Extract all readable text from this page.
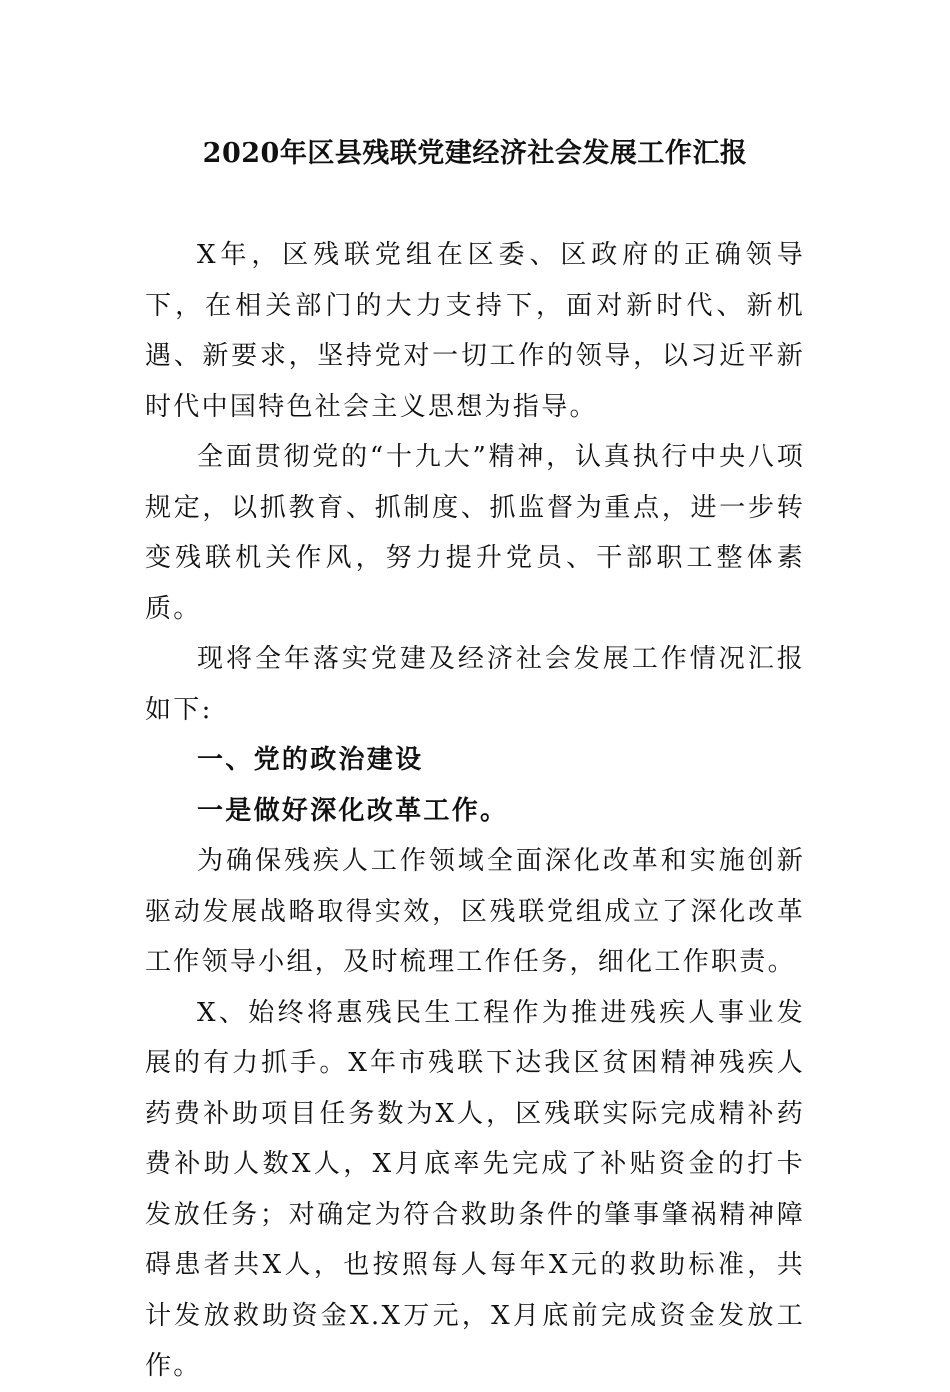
2020年区县残联党建经济社会发展工作汇报

X年，区残联党组在区委、区政府的正确领导下，在相关部门的大力支持下，面对新时代、新机遇、新要求，坚持党对一切工作的领导，以习近平新时代中国特色社会主义思想为指导。

全面贯彻党的“十九大”精神，认真执行中央八项规定，以抓教育、抓制度、抓监督为重点，进一步转变残联机关作风，努力提升党员、干部职工整体素质。

现将全年落实党建及经济社会发展工作情况汇报如下:

一、党的政治建设

一是做好深化改革工作。

为确保残疾人工作领域全面深化改革和实施创新驱动发展战略取得实效，区残联党组成立了深化改革工作领导小组，及时梳理工作任务，细化工作职责。

X、始终将惠残民生工程作为推进残疾人事业发展的有力抓手。X年市残联下达我区贫困精神残疾人药费补助项目任务数为X人，区残联实际完成精补药费补助人数X人，X月底率先完成了补贴资金的打卡发放任务；对确定为符合救助条件的肇事肇祸精神障碍患者共X人，也按照每人每年X元的救助标准，共计发放救助资金X.X万元，X月底前完成资金发放工作。
